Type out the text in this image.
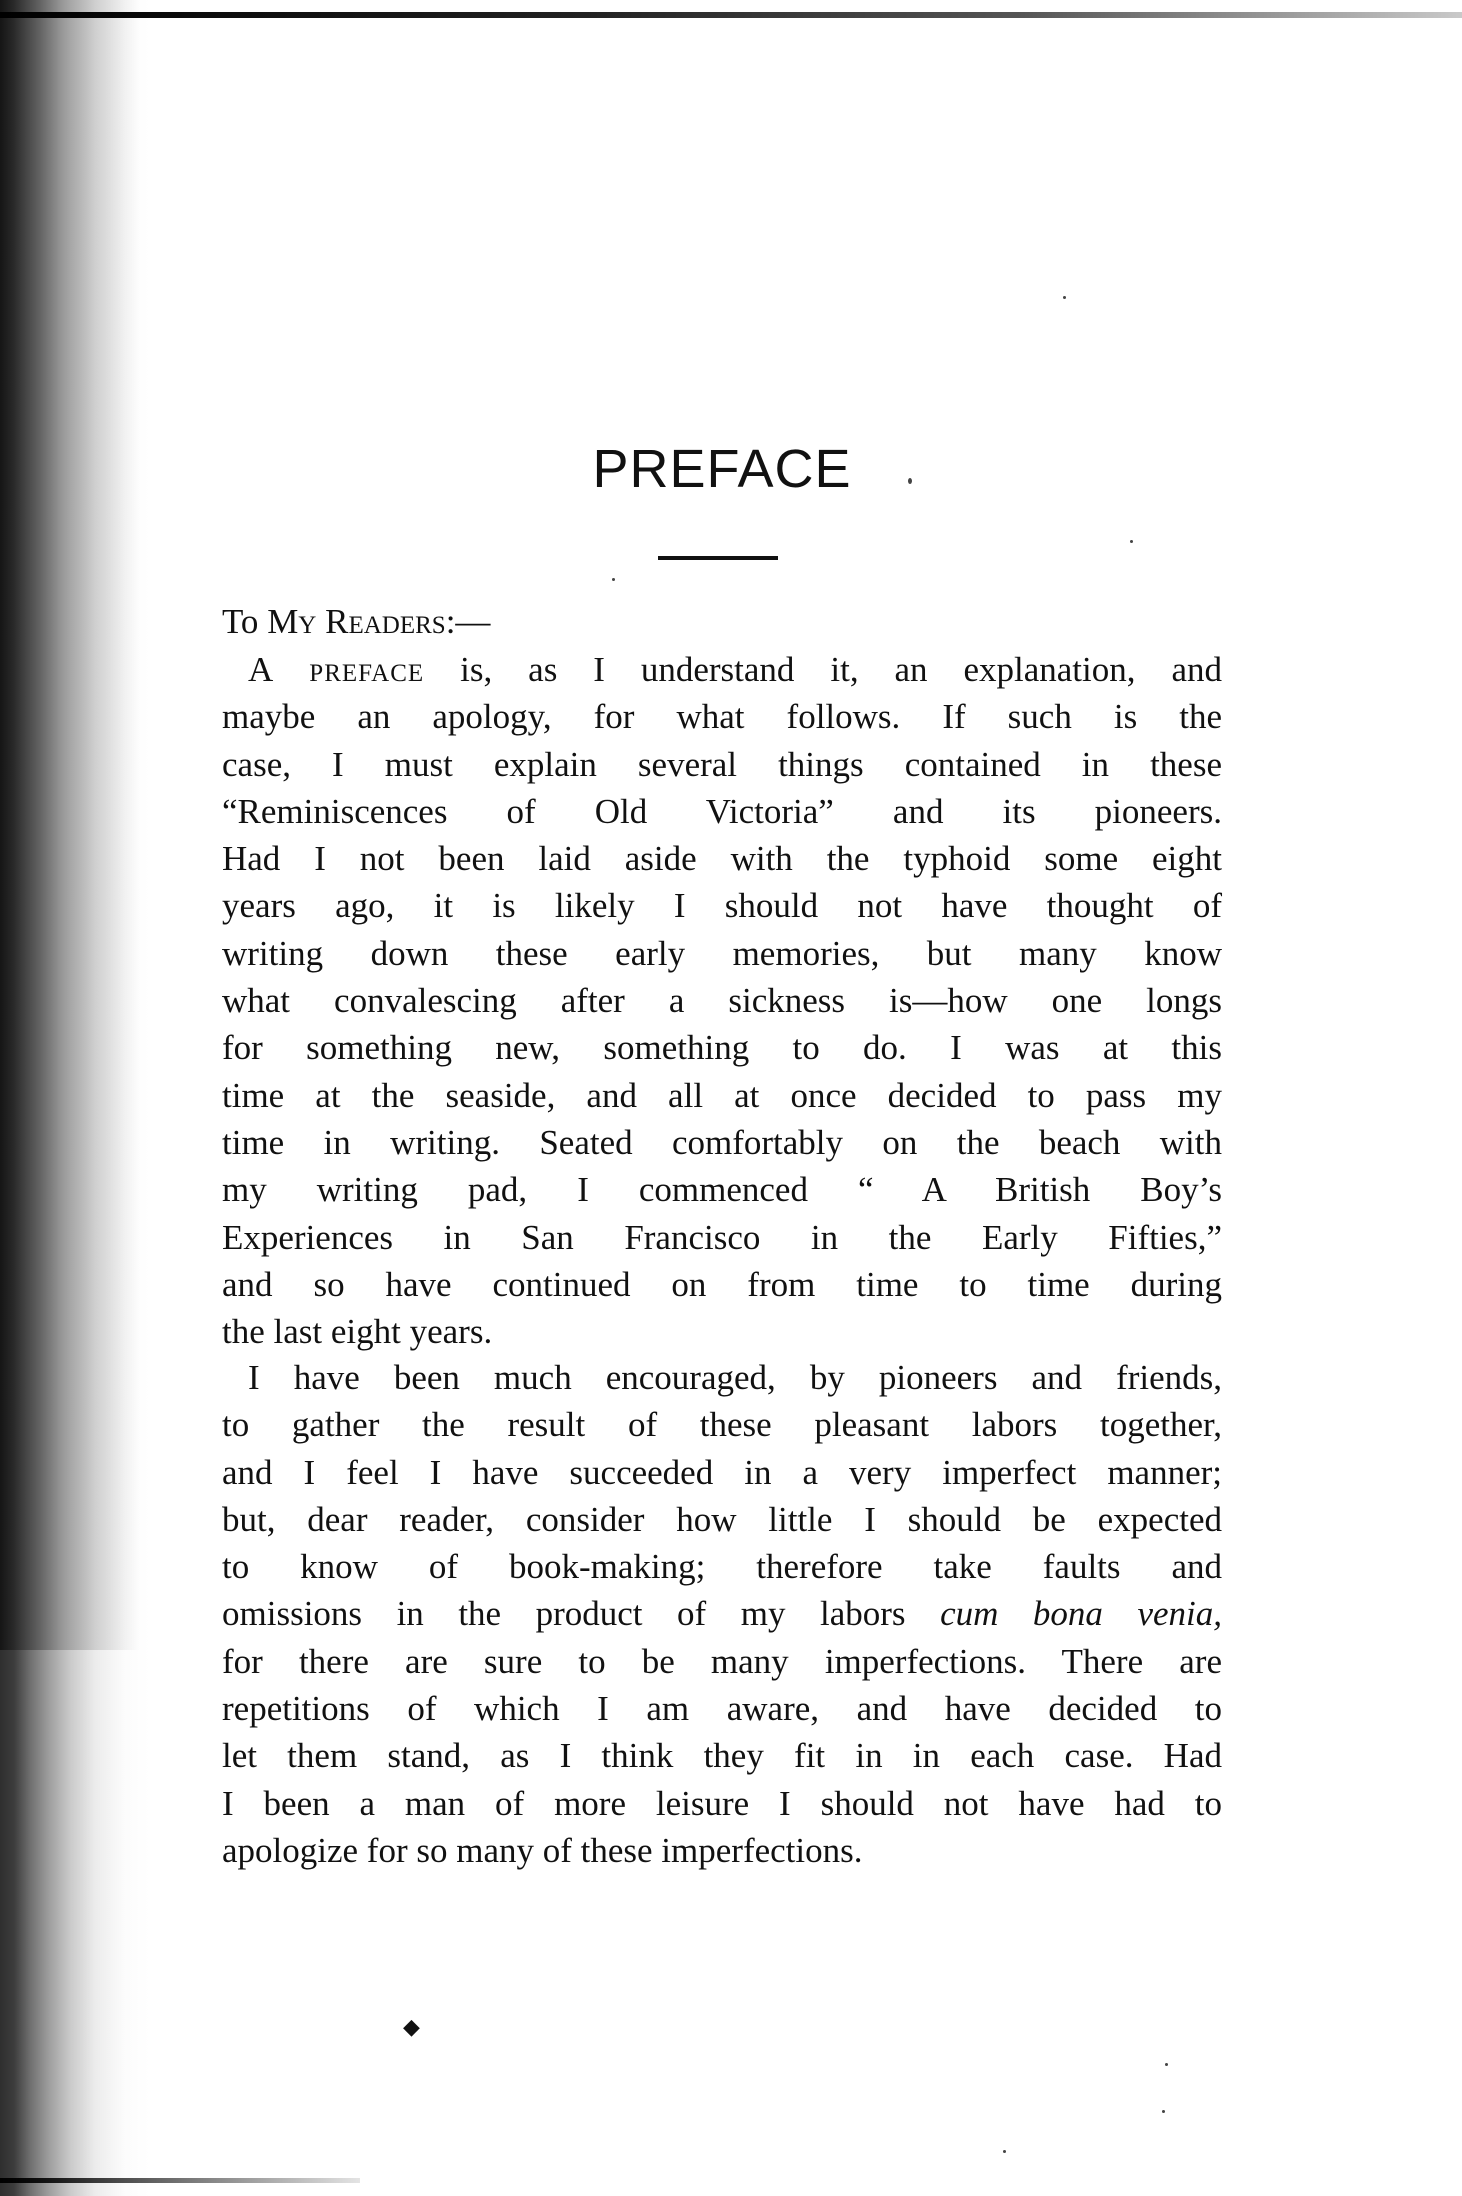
PREFACE
To My Readers:—
A preface is, as I understand it, an explanation, and
maybe an apology, for what follows. If such is the
case, I must explain several things contained in these
“Reminiscences of Old Victoria” and its pioneers.
Had I not been laid aside with the typhoid some eight
years ago, it is likely I should not have thought of
writing down these early memories, but many know
what convalescing after a sickness is—how one longs
for something new, something to do. I was at this
time at the seaside, and all at once decided to pass my
time in writing. Seated comfortably on the beach with
my writing pad, I commenced “ A British Boy’s
Experiences in San Francisco in the Early Fifties,”
and so have continued on from time to time during
the last eight years.
I have been much encouraged, by pioneers and friends,
to gather the result of these pleasant labors together,
and I feel I have succeeded in a very imperfect manner;
but, dear reader, consider how little I should be expected
to know of book-making; therefore take faults and
omissions in the product of my labors cum bona venia,
for there are sure to be many imperfections. There are
repetitions of which I am aware, and have decided to
let them stand, as I think they fit in in each case. Had
I been a man of more leisure I should not have had to
apologize for so many of these imperfections.
◆
